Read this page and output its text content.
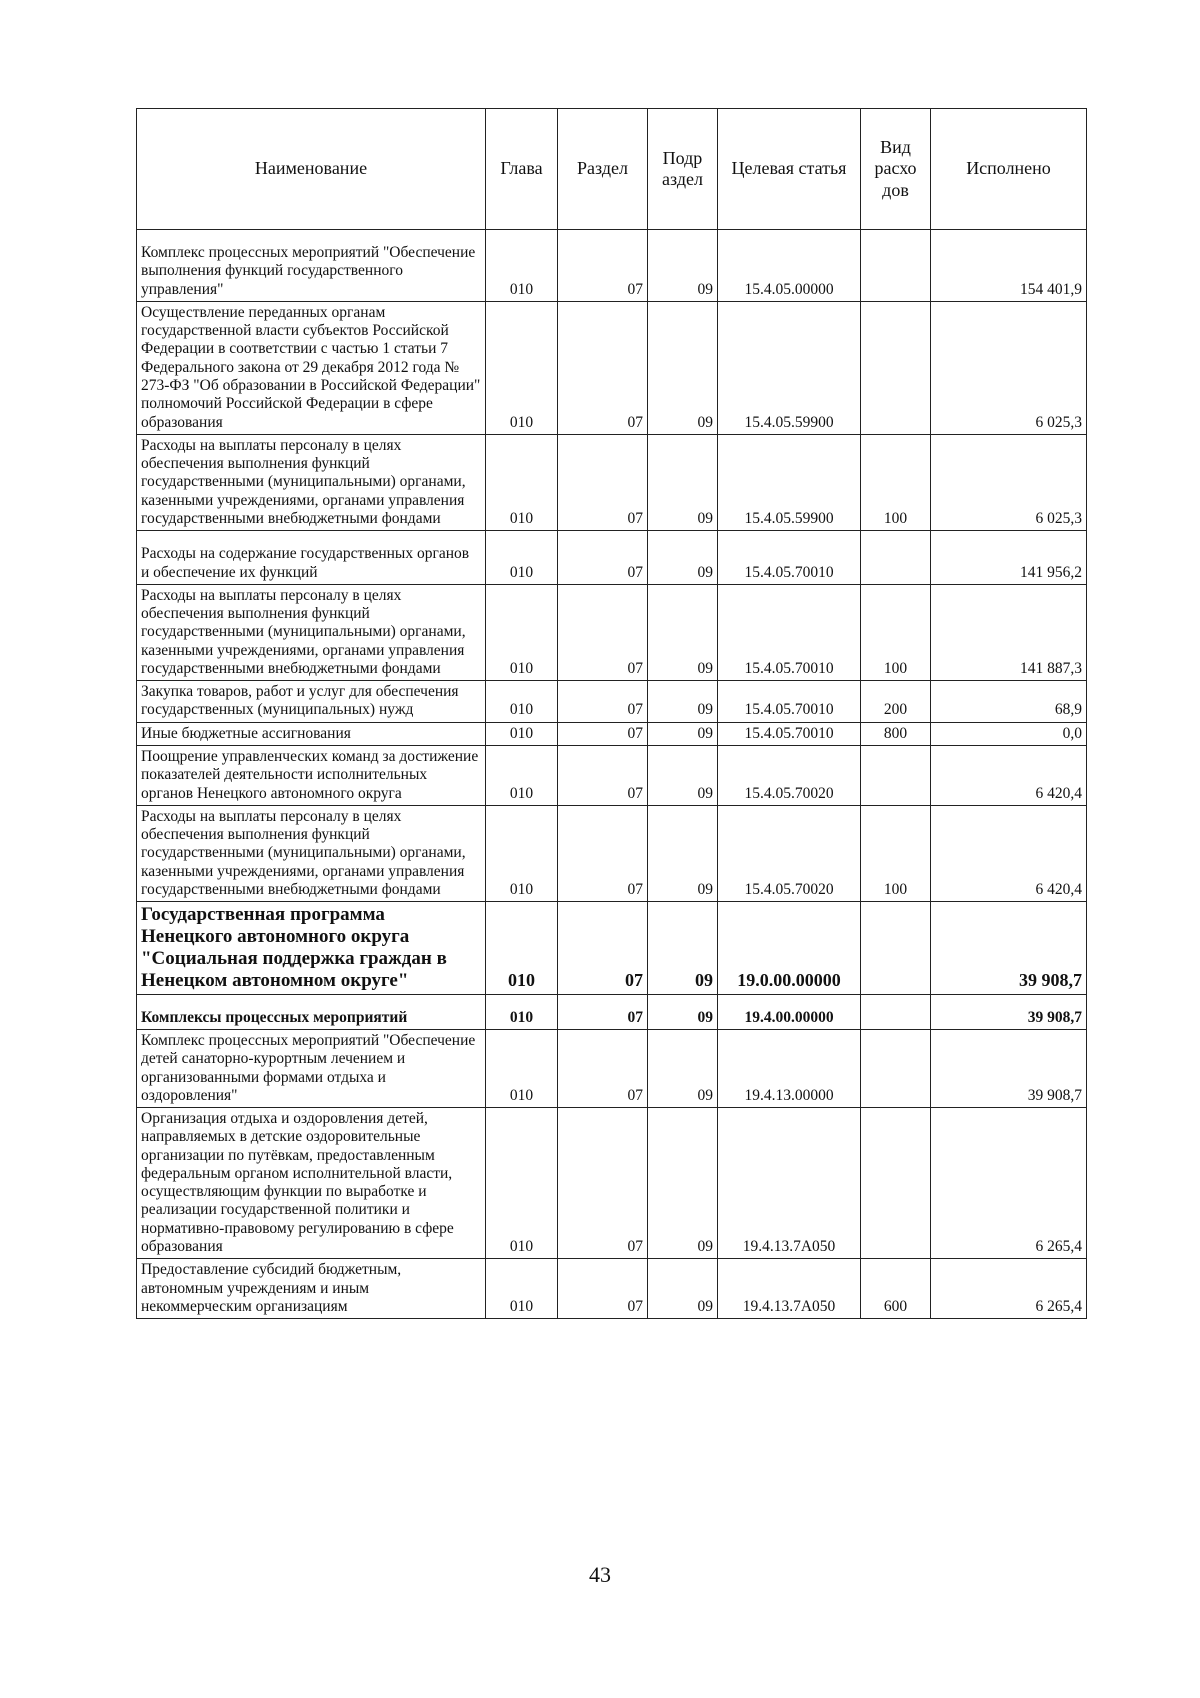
Наименование	Глава	Раздел	Подр аздел	Целевая статья	Вид расхо дов	Исполнено
Комплекс процессных мероприятий "Обеспечение выполнения функций государственного управления"	010	07	09	15.4.05.00000		154 401,9
Осуществление переданных органам государственной власти субъектов Российской Федерации в соответствии с частью 1 статьи 7 Федерального закона от 29 декабря 2012 года № 273-ФЗ "Об образовании в Российской Федерации" полномочий Российской Федерации в сфере образования	010	07	09	15.4.05.59900		6 025,3
Расходы на выплаты персоналу в целях обеспечения выполнения функций государственными (муниципальными) органами, казенными учреждениями, органами управления государственными внебюджетными фондами	010	07	09	15.4.05.59900	100	6 025,3
Расходы на содержание государственных органов и обеспечение их функций	010	07	09	15.4.05.70010		141 956,2
Расходы на выплаты персоналу в целях обеспечения выполнения функций государственными (муниципальными) органами, казенными учреждениями, органами управления государственными внебюджетными фондами	010	07	09	15.4.05.70010	100	141 887,3
Закупка товаров, работ и услуг для обеспечения государственных (муниципальных) нужд	010	07	09	15.4.05.70010	200	68,9
Иные бюджетные ассигнования	010	07	09	15.4.05.70010	800	0,0
Поощрение управленческих команд за достижение показателей деятельности исполнительных органов Ненецкого автономного округа	010	07	09	15.4.05.70020		6 420,4
Расходы на выплаты персоналу в целях обеспечения выполнения функций государственными (муниципальными) органами, казенными учреждениями, органами управления государственными внебюджетными фондами	010	07	09	15.4.05.70020	100	6 420,4
Государственная программа Ненецкого автономного округа "Социальная поддержка граждан в Ненецком автономном округе"	010	07	09	19.0.00.00000		39 908,7
Комплексы процессных мероприятий	010	07	09	19.4.00.00000		39 908,7
Комплекс процессных мероприятий "Обеспечение детей санаторно-курортным лечением и организованными формами отдыха и оздоровления"	010	07	09	19.4.13.00000		39 908,7
Организация отдыха и оздоровления детей, направляемых в детские оздоровительные организации по путёвкам, предоставленным федеральным органом исполнительной власти, осуществляющим функции по выработке и реализации государственной политики и нормативно-правовому регулированию в сфере образования	010	07	09	19.4.13.7А050		6 265,4
Предоставление субсидий бюджетным, автономным учреждениям и иным некоммерческим организациям	010	07	09	19.4.13.7А050	600	6 265,4
43
